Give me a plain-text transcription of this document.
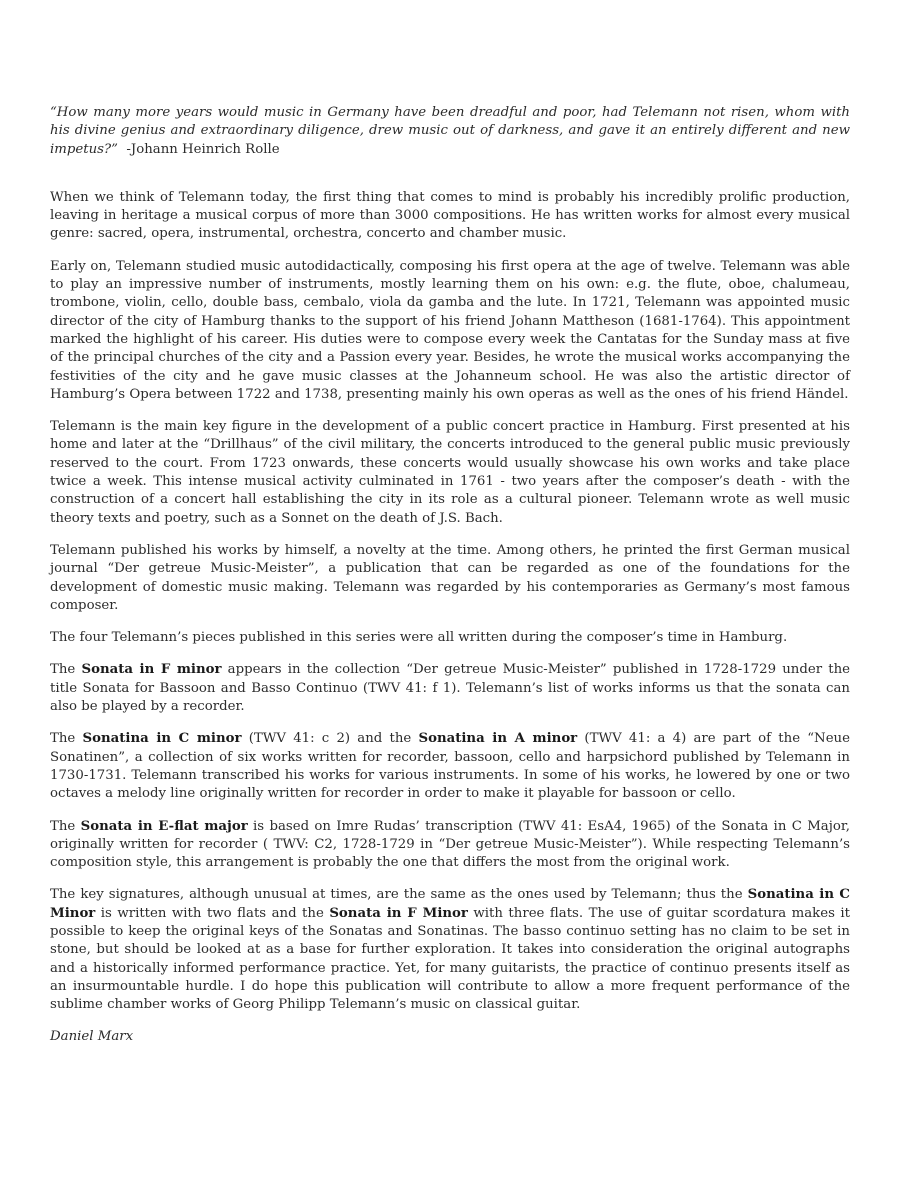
“How many more years would music in Germany have been dreadful and poor, had Telemann not risen, whom with his divine genius and extraordinary diligence, drew music out of darkness, and gave it an entirely different and new impetus?” -Johann Heinrich Rolle

When we think of Telemann today, the first thing that comes to mind is probably his incredibly prolific production, leaving in heritage a musical corpus of more than 3000 compositions. He has written works for almost every musical genre: sacred, opera, instrumental, orchestra, concerto and chamber music.

Early on, Telemann studied music autodidactically, composing his first opera at the age of twelve. Telemann was able to play an impressive number of instruments, mostly learning them on his own: e.g. the flute, oboe, chalumeau, trombone, violin, cello, double bass, cembalo, viola da gamba and the lute. In 1721, Telemann was appointed music director of the city of Hamburg thanks to the support of his friend Johann Mattheson (1681-1764). This appointment marked the highlight of his career. His duties were to compose every week the Cantatas for the Sunday mass at five of the principal churches of the city and a Passion every year. Besides, he wrote the musical works accompanying the festivities of the city and he gave music classes at the Johanneum school. He was also the artistic director of Hamburg’s Opera between 1722 and 1738, presenting mainly his own operas as well as the ones of his friend Händel.

Telemann is the main key figure in the development of a public concert practice in Hamburg. First presented at his home and later at the “Drillhaus” of the civil military, the concerts introduced to the general public music previously reserved to the court. From 1723 onwards, these concerts would usually showcase his own works and take place twice a week. This intense musical activity culminated in 1761 - two years after the composer’s death - with the construction of a concert hall establishing the city in its role as a cultural pioneer. Telemann wrote as well music theory texts and poetry, such as a Sonnet on the death of J.S. Bach.

Telemann published his works by himself, a novelty at the time. Among others, he printed the first German musical journal “Der getreue Music-Meister”, a publication that can be regarded as one of the foundations for the development of domestic music making. Telemann was regarded by his contemporaries as Germany’s most famous composer.

The four Telemann’s pieces published in this series were all written during the composer’s time in Hamburg.

The Sonata in F minor appears in the collection “Der getreue Music-Meister” published in 1728-1729 under the title Sonata for Bassoon and Basso Continuo (TWV 41: f 1). Telemann’s list of works informs us that the sonata can also be played by a recorder.

The Sonatina in C minor (TWV 41: c 2) and the Sonatina in A minor (TWV 41: a 4) are part of the “Neue Sonatinen”, a collection of six works written for recorder, bassoon, cello and harpsichord published by Telemann in 1730-1731. Telemann transcribed his works for various instruments. In some of his works, he lowered by one or two octaves a melody line originally written for recorder in order to make it playable for bassoon or cello.

The Sonata in E-flat major is based on Imre Rudas’ transcription (TWV 41: EsA4, 1965) of the Sonata in C Major, originally written for recorder ( TWV: C2, 1728-1729 in “Der getreue Music-Meister”). While respecting Telemann’s composition style, this arrangement is probably the one that differs the most from the original work.

The key signatures, although unusual at times, are the same as the ones used by Telemann; thus the Sonatina in C Minor is written with two flats and the Sonata in F Minor with three flats. The use of guitar scordatura makes it possible to keep the original keys of the Sonatas and Sonatinas. The basso continuo setting has no claim to be set in stone, but should be looked at as a base for further exploration. It takes into consideration the original autographs and a historically informed performance practice. Yet, for many guitarists, the practice of continuo presents itself as an insurmountable hurdle. I do hope this publication will contribute to allow a more frequent performance of the sublime chamber works of Georg Philipp Telemann’s music on classical guitar.

Daniel Marx
